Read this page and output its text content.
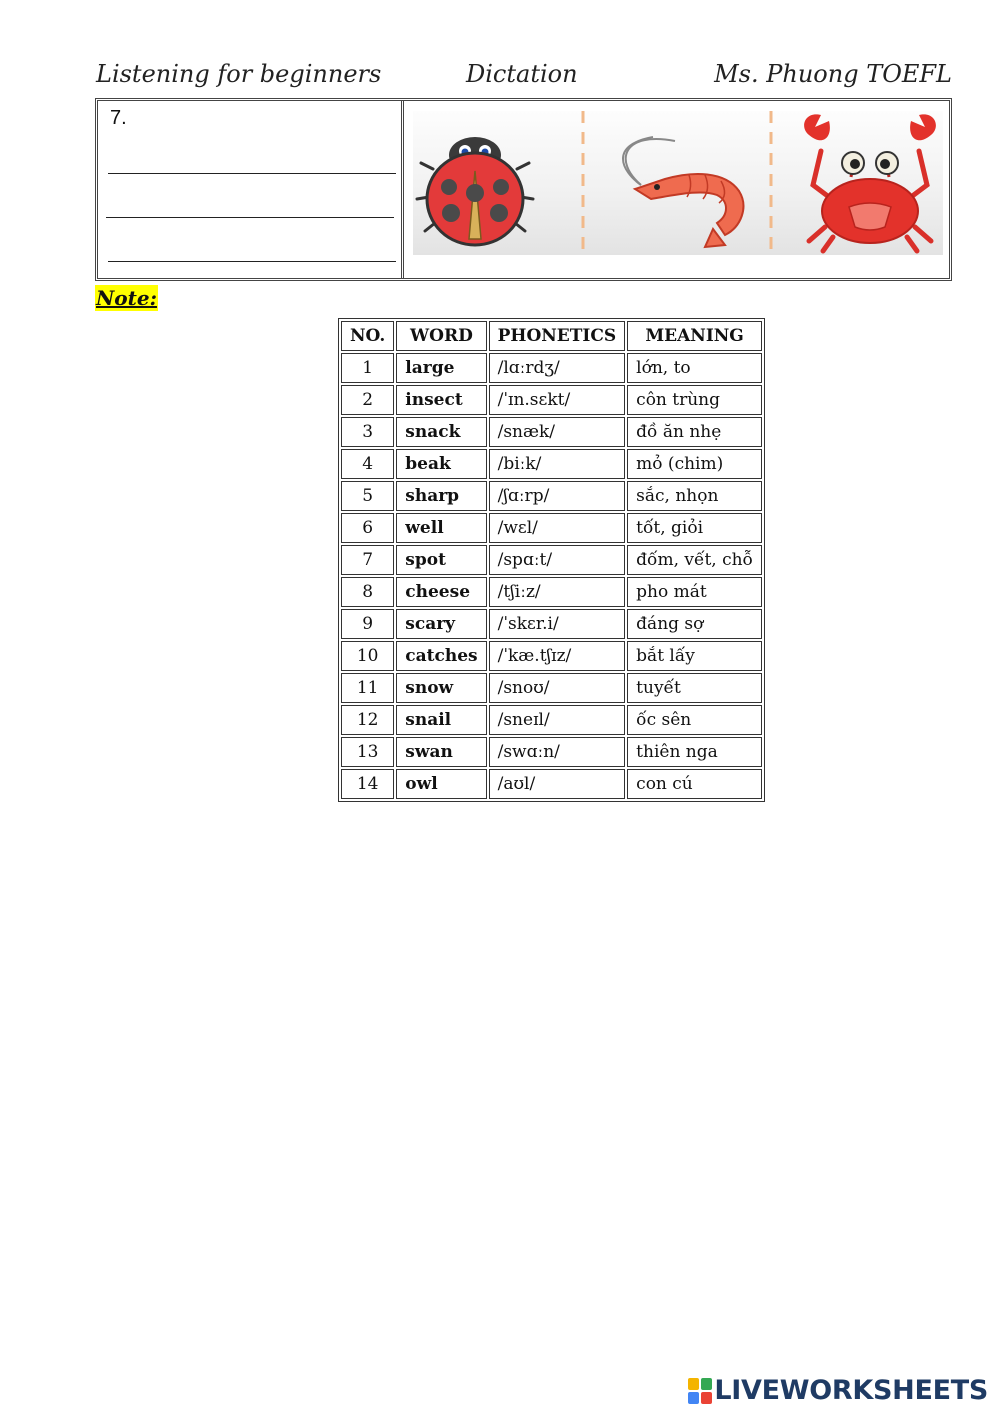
Listening for beginners	Dictation	Ms. Phuong TOEFL
7.
Note:
NO.	WORD	PHONETICS	MEANING
1	large	/lɑːrdʒ/	lớn, to
2	insect	/ˈɪn.sɛkt/	côn trùng
3	snack	/snæk/	đồ ăn nhẹ
4	beak	/biːk/	mỏ (chim)
5	sharp	/ʃɑːrp/	sắc, nhọn
6	well	/wɛl/	tốt, giỏi
7	spot	/spɑːt/	đốm, vết, chỗ
8	cheese	/tʃiːz/	pho mát
9	scary	/ˈskɛr.i/	đáng sợ
10	catches	/ˈkæ.tʃɪz/	bắt lấy
11	snow	/snoʊ/	tuyết
12	snail	/sneɪl/	ốc sên
13	swan	/swɑːn/	thiên nga
14	owl	/aʊl/	con cú
LIVEWORKSHEETS
